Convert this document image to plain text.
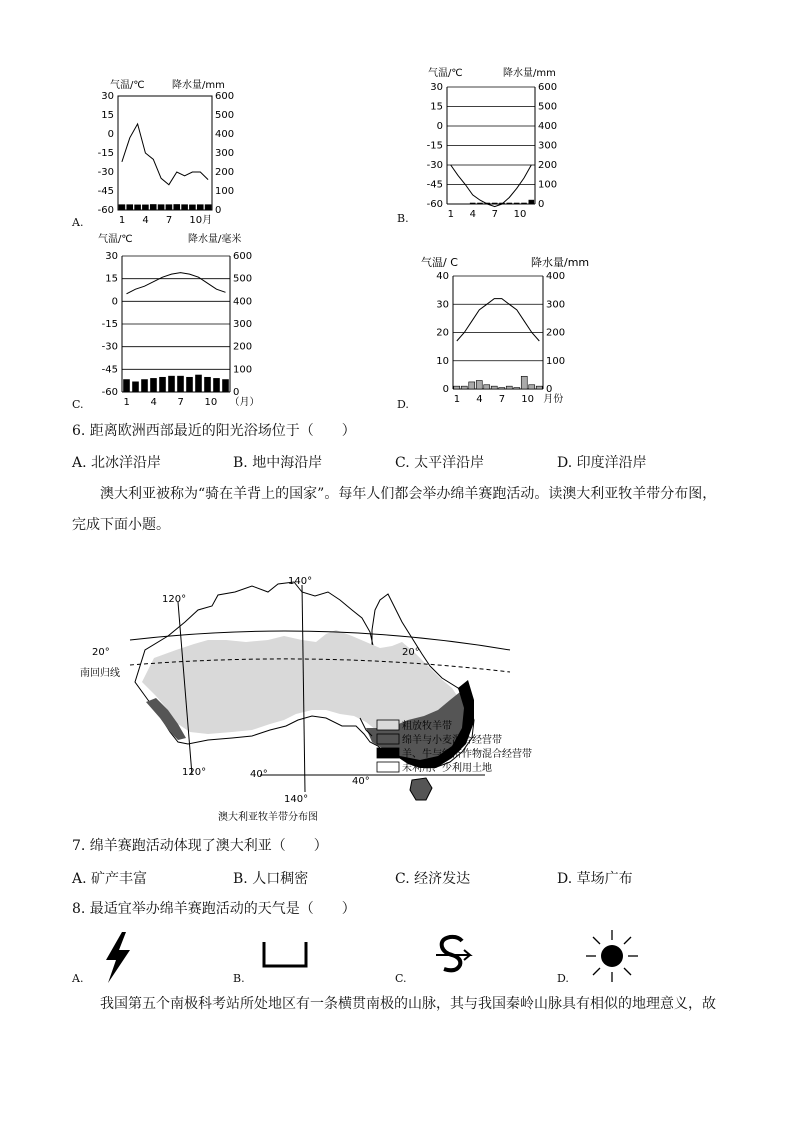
A.
气温/℃	降水量/mm
30	600
15	500
0	400
-15	300
-30	200
-45	100
-60	0
1 4 7 10月	B.
气温/℃	降水量/mm
30	600
15	500
0	400
-15	300
-30	200
-45	100
-60	0
1 4 7 10
C.
气温/℃	降水量/毫米
30	600
15	500
0	400
-15	300
-30	200
-45	100
-60	0
1 4 7 10 （月）	D.
气温/ C	降水量/mm
40	400
30	300
20	200
10	100
0	0
1 4 7 10 月份
6. 距离欧洲西部最近的阳光浴场位于（　　）
A. 北冰洋沿岸	B. 地中海沿岸	C. 太平洋沿岸	D. 印度洋沿岸
澳大利亚被称为“骑在羊背上的国家”。每年人们都会举办绵羊赛跑活动。读澳大利亚牧羊带分布图，
完成下面小题。
120°
140°
120°
140°
20°	20°
40°
40°
南回归线
粗放牧羊带
绵羊与小麦混合经营带
羊、牛与经济作物混合经营带
未利用、少利用土地
澳大利亚牧羊带分布图
7. 绵羊赛跑活动体现了澳大利亚（　　）
A. 矿产丰富	B. 人口稠密	C. 经济发达	D. 草场广布
8. 最适宜举办绵羊赛跑活动的天气是（　　）
A.	B.	C.	D.
我国第五个南极科考站所处地区有一条横贯南极的山脉，其与我国秦岭山脉具有相似的地理意义，故
